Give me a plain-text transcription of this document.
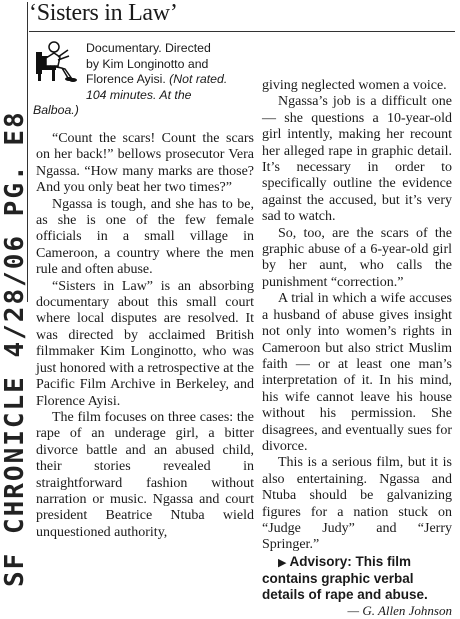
SF CHRONICLE 4/28/06 PG. E8
‘Sisters in Law’
Documentary. Directed
by Kim Longinotto and
Florence Ayisi. (Not rated.
104 minutes. At the
Balboa.)

“Count the scars! Count the scars on her back!” bellows prosecutor Vera Ngassa. “How many marks are those? And you only beat her two times?”

Ngassa is tough, and she has to be, as she is one of the few female officials in a small village in Cameroon, a country where the men rule and often abuse.

“Sisters in Law” is an absorbing documentary about this small court where local disputes are resolved. It was directed by acclaimed British filmmaker Kim Longinotto, who was just honored with a retrospective at the Pacific Film Archive in Berkeley, and Florence Ayisi.

The film focuses on three cases: the rape of an underage girl, a bitter divorce battle and an abused child, their stories revealed in straightforward fashion without narration or music. Ngassa and court president Beatrice Ntuba wield unquestioned authority,

giving neglected women a voice.

Ngassa’s job is a difficult one — she questions a 10-year-old girl intently, making her recount her alleged rape in graphic detail. It’s necessary in order to specifically outline the evidence against the accused, but it’s very sad to watch.

So, too, are the scars of the graphic abuse of a 6-year-old girl by her aunt, who calls the punishment “correction.”

A trial in which a wife accuses a husband of abuse gives insight not only into women’s rights in Cameroon but also strict Muslim faith — or at least one man’s interpretation of it. In his mind, his wife cannot leave his house without his permission. She disagrees, and eventually sues for divorce.

This is a serious film, but it is also entertaining. Ngassa and Ntuba should be galvanizing figures for a nation stuck on “Judge Judy” and “Jerry Springer.”

▶ Advisory: This film contains graphic verbal details of rape and abuse.

— G. Allen Johnson
